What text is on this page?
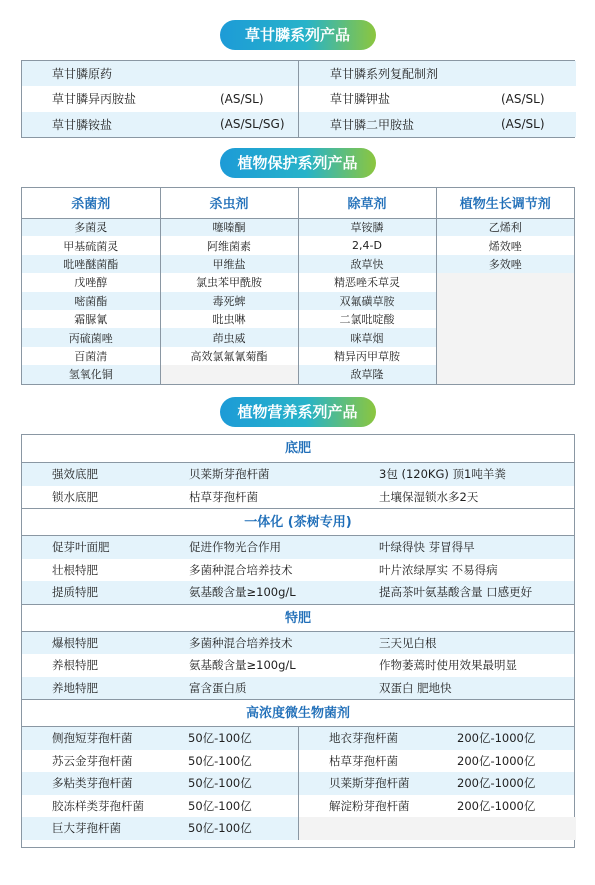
草甘膦系列产品
草甘膦原药	草甘膦系列复配制剂
草甘膦异丙胺盐	(AS/SL)	草甘膦钾盐	(AS/SL)
草甘膦铵盐	(AS/SL/SG)	草甘膦二甲胺盐	(AS/SL)
植物保护系列产品
杀菌剂	杀虫剂	除草剂	植物生长调节剂
多菌灵	噻嗪酮	草铵膦	乙烯利
甲基硫菌灵	阿维菌素	2,4-D	烯效唑
吡唑醚菌酯	甲维盐	敌草快	多效唑
戊唑醇	氯虫苯甲酰胺	精恶唑禾草灵	
嘧菌酯	毒死蜱	双氟磺草胺	
霜脲氰	吡虫啉	二氯吡啶酸	
丙硫菌唑	茚虫威	咪草烟	
百菌清	高效氯氟氰菊酯	精异丙甲草胺	
氢氧化铜		敌草隆	
植物营养系列产品
底肥
强效底肥	贝莱斯芽孢杆菌	3包 (120KG) 顶1吨羊粪
锁水底肥	枯草芽孢杆菌	土壤保湿锁水多2天
一体化 (茶树专用)
促芽叶面肥	促进作物光合作用	叶绿得快 芽冒得早
壮根特肥	多菌种混合培养技术	叶片浓绿厚实 不易得病
提质特肥	氨基酸含量≥100g/L	提高茶叶氨基酸含量 口感更好
特肥
爆根特肥	多菌种混合培养技术	三天见白根
养根特肥	氨基酸含量≥100g/L	作物萎蔫时使用效果最明显
养地特肥	富含蛋白质	双蛋白 肥地快
高浓度微生物菌剂
侧孢短芽孢杆菌	50亿-100亿	地衣芽孢杆菌	200亿-1000亿
苏云金芽孢杆菌	50亿-100亿	枯草芽孢杆菌	200亿-1000亿
多粘类芽孢杆菌	50亿-100亿	贝莱斯芽孢杆菌	200亿-1000亿
胶冻样类芽孢杆菌	50亿-100亿	解淀粉芽孢杆菌	200亿-1000亿
巨大芽孢杆菌	50亿-100亿
